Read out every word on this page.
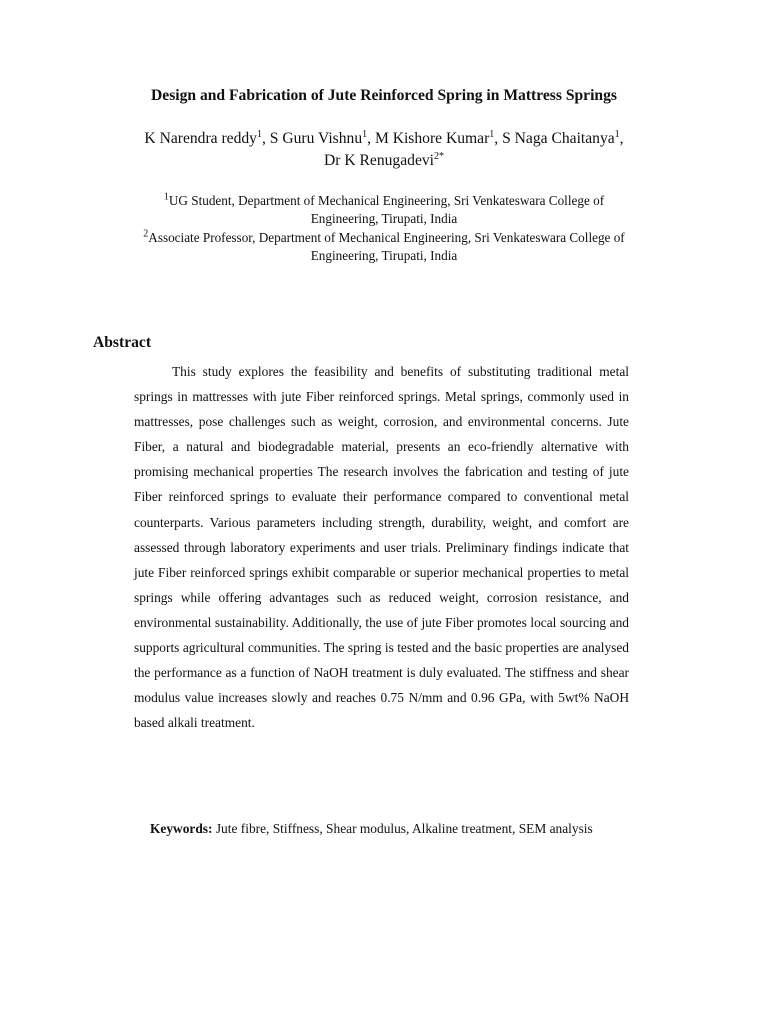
Design and Fabrication of Jute Reinforced Spring in Mattress Springs
K Narendra reddy$^1$, S Guru Vishnu$^1$, M Kishore Kumar$^1$, S Naga Chaitanya$^1$,
Dr K Renugadevi$^{2*}$
$^1$UG Student, Department of Mechanical Engineering, Sri Venkateswara College of
Engineering, Tirupati, India
$^2$Associate Professor, Department of Mechanical Engineering, Sri Venkateswara College of
Engineering, Tirupati, India
Abstract

This study explores the feasibility and benefits of substituting traditional metal springs in mattresses with jute Fiber reinforced springs. Metal springs, commonly used in mattresses, pose challenges such as weight, corrosion, and environmental concerns. Jute Fiber, a natural and biodegradable material, presents an eco-friendly alternative with promising mechanical properties The research involves the fabrication and testing of jute Fiber reinforced springs to evaluate their performance compared to conventional metal counterparts. Various parameters including strength, durability, weight, and comfort are assessed through laboratory experiments and user trials. Preliminary findings indicate that jute Fiber reinforced springs exhibit comparable or superior mechanical properties to metal springs while offering advantages such as reduced weight, corrosion resistance, and environmental sustainability. Additionally, the use of jute Fiber promotes local sourcing and supports agricultural communities. The spring is tested and the basic properties are analysed the performance as a function of NaOH treatment is duly evaluated. The stiffness and shear modulus value increases slowly and reaches 0.75 N/mm and 0.96 GPa, with 5wt% NaOH based alkali treatment.

Keywords: Jute fibre, Stiffness, Shear modulus, Alkaline treatment, SEM analysis
